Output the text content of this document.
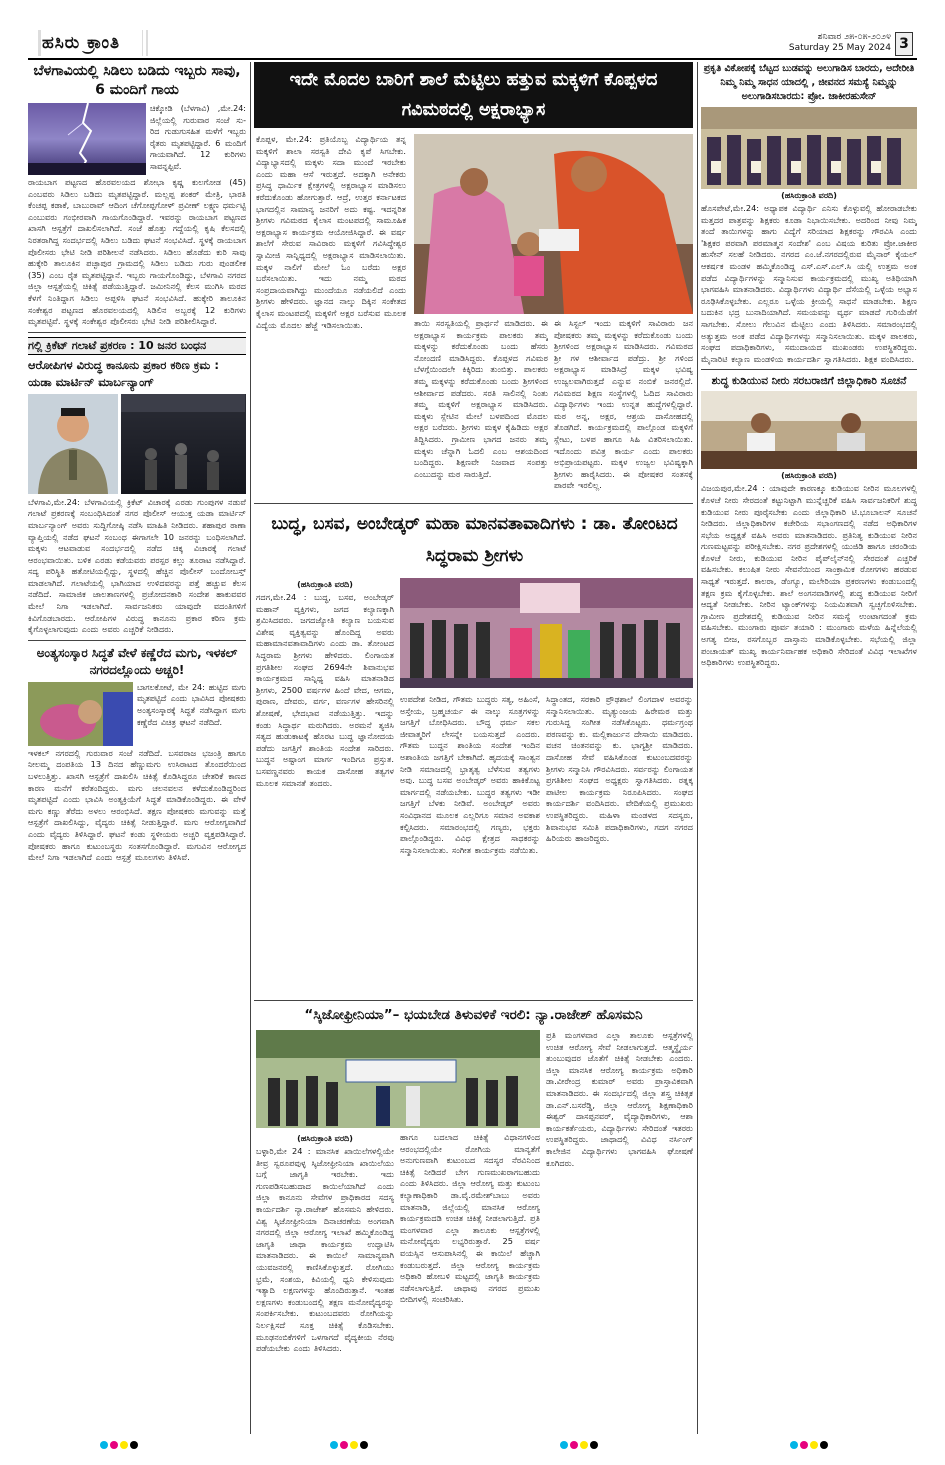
ಹಸಿರು ಕ್ರಾಂತಿ	ಶನಿವಾರ ೨೫-೦೫-೨೦೨೪
Saturday 25 May 2024 3
ಬೆಳಗಾವಿಯಲ್ಲಿ ಸಿಡಿಲು ಬಡಿದು ಇಬ್ಬರು ಸಾವು, 6 ಮಂದಿಗೆ ಗಾಯ
ಚಿಕ್ಕೋಡಿ (ಬೆಳಗಾವಿ) ,ಮೇ.24: ಜಿಲ್ಲೆಯಲ್ಲಿ ಗುರುವಾರ ಸಂಜೆ ಸು- ರಿದ ಗುಡುಗುಸಹಿತ ಮಳೆಗೆ ಇಬ್ಬರು ರೈತರು ಮೃತಪಟ್ಟಿದ್ದಾರೆ. 6 ಮಂದಿಗೆ ಗಾಯವಾಗಿದೆ. 12 ಕುರಿಗಳು ಸಾವನ್ನಪ್ಪಿವೆ.
ರಾಯಬಾಗ ಪಟ್ಟಣದ ಹೊರವಲಯದ ಶೋಭಾ ಕೃಷ್ಣ ಕುಲಗೋಡ (45) ಎಂಬವರು ಸಿಡಿಲು ಬಡಿದು ಮೃತಪಟ್ಟಿದ್ದಾರೆ. ಮಲ್ಲಪ್ಪ ಶಂಕರ್ ಮೇತ್ರಿ, ಭಾರತಿ ಕೆಂಚಪ್ಪ ಕಡಾಕೆ, ಬಾಬುರಾವ್ ಆದಿಂಗ ಚೆಗೋಪ್ಪಗೋಳ್ ಪ್ರವೀಣ್ ಲಕ್ಷ್ಮಣ ಧರ್ಮಟ್ಟಿ ಎಂಬುವರು ಗಂಭೀರವಾಗಿ ಗಾಯಗೊಂಡಿದ್ದಾರೆ. ಇವರನ್ನು ರಾಯಬಾಗ ಪಟ್ಟಣದ ಖಾಸಗಿ ಆಸ್ಪತ್ರೆಗೆ ದಾಖಲಿಸಲಾಗಿದೆ. ಸಂಜೆ ಹೊತ್ತು ಗದ್ದೆಯಲ್ಲಿ ಕೃಷಿ ಕೆಲಸದಲ್ಲಿ ನಿರತರಾಗಿದ್ದ ಸಂದರ್ಭದಲ್ಲಿ ಸಿಡಿಲು ಬಡಿದು ಘಟನೆ ಸಂಭವಿಸಿದೆ. ಸ್ಥಳಕ್ಕೆ ರಾಯಬಾಗ ಪೊಲೀಸರು ಭೇಟಿ ನೀಡಿ ಪರಿಶೀಲನೆ ನಡೆಸಿದರು. ಸಿಡಿಲು ಹೊಡೆದು ಕುರಿ ಸಾವು ಹುಕ್ಕೇರಿ ತಾಲೂಕಿನ ಪಚ್ಛಾಪುರ ಗ್ರಾಮದಲ್ಲಿ ಸಿಡಿಲು ಬಡಿದು ಗುರು ಪುಂಡಲೀಕ (35) ಎಂಬ ರೈತ ಮೃತಪಟ್ಟಿದ್ದಾನೆ. ಇಬ್ಬರು ಗಾಯಗೊಂಡಿದ್ದು, ಬೆಳಗಾವಿ ನಗರದ ಜಿಲ್ಲಾ ಆಸ್ಪತ್ರೆಯಲ್ಲಿ ಚಿಕಿತ್ಸೆ ಪಡೆಯುತ್ತಿದ್ದಾರೆ. ಜಮೀನಿನಲ್ಲಿ ಕೆಲಸ ಮುಗಿಸಿ ಮರದ ಕೆಳಗೆ ನಿಂತಿದ್ದಾಗ ಸಿಡಿಲು ಅಪ್ಪಳಿಸಿ ಘಟನೆ ಸಂಭವಿಸಿದೆ. ಹುಕ್ಕೇರಿ ತಾಲೂಕಿನ ಸಂಕೇಶ್ವರ ಪಟ್ಟಣದ ಹೊರವಲಯದಲ್ಲಿ ಸಿಡಿಲಿನ ಅಬ್ಬರಕ್ಕೆ 12 ಕುರಿಗಳು ಮೃತಪಟ್ಟಿವೆ. ಸ್ಥಳಕ್ಕೆ ಸಂಕೇಶ್ವರ ಪೊಲೀಸರು ಭೇಟಿ ನೀಡಿ ಪರಿಶೀಲಿಸಿದ್ದಾರೆ.
ಗಲ್ಲಿ ಕ್ರಿಕೆಟ್ ಗಲಾಟೆ ಪ್ರಕರಣ : 10 ಜನರ ಬಂಧನ
ಆರೋಪಿಗಳ ವಿರುದ್ಧ ಕಾನೂನು ಪ್ರಕಾರ ಕಠಿಣ ಕ್ರಮ : ಯಡಾ ಮಾರ್ಟಿನ್ ಮಾರ್ಬನ್ಯಾಂಗ್
ಬೆಳಗಾವಿ,ಮೇ.24: ಬೆಳಗಾವಿಯಲ್ಲಿ ಕ್ರಿಕೆಟ್ ವಿಚಾರಕ್ಕೆ ಎರಡು ಗುಂಪುಗಳ ನಡುವೆ ಗಲಾಟೆ ಪ್ರಕರಣಕ್ಕೆ ಸಂಬಂಧಿಸಿದಂತೆ ನಗರ ಪೊಲೀಸ್ ಆಯುಕ್ತ ಯಡಾ ಮಾರ್ಟಿನ್ ಮಾರ್ಬನ್ಯಾಂಗ್ ಅವರು ಸುದ್ದಿಗೋಷ್ಠಿ ನಡೆಸಿ ಮಾಹಿತಿ ನೀಡಿದರು. ಶಹಾಪುರ ಠಾಣಾ ವ್ಯಾಪ್ತಿಯಲ್ಲಿ ನಡೆದ ಘಟನೆ ಸಂಬಂಧ ಈಗಾಗಲೇ 10 ಜನರನ್ನು ಬಂಧಿಸಲಾಗಿದೆ. ಮಕ್ಕಳು ಆಟವಾಡುವ ಸಂದರ್ಭದಲ್ಲಿ ನಡೆದ ಚಿಕ್ಕ ವಿಚಾರಕ್ಕೆ ಗಲಾಟೆ ಆರಂಭವಾಯಿತು. ಬಳಿಕ ಎರಡು ಕಡೆಯವರು ಪರಸ್ಪರ ಕಲ್ಲು ತೂರಾಟ ನಡೆಸಿದ್ದಾರೆ. ಸದ್ಯ ಪರಿಸ್ಥಿತಿ ಹತೋಟಿಯಲ್ಲಿದ್ದು, ಸ್ಥಳದಲ್ಲಿ ಹೆಚ್ಚಿನ ಪೊಲೀಸ್ ಬಂದೋಬಸ್ತ್ ಮಾಡಲಾಗಿದೆ. ಗಲಾಟೆಯಲ್ಲಿ ಭಾಗಿಯಾದ ಉಳಿದವರನ್ನು ಪತ್ತೆ ಹಚ್ಚುವ ಕೆಲಸ ನಡೆದಿದೆ. ಸಾಮಾಜಿಕ ಜಾಲತಾಣಗಳಲ್ಲಿ ಪ್ರಚೋದನಕಾರಿ ಸಂದೇಶ ಹಾಕುವವರ ಮೇಲೆ ನಿಗಾ ಇಡಲಾಗಿದೆ. ಸಾರ್ವಜನಿಕರು ಯಾವುದೇ ವದಂತಿಗಳಿಗೆ ಕಿವಿಗೊಡಬಾರದು. ಆರೋಪಿಗಳ ವಿರುದ್ಧ ಕಾನೂನು ಪ್ರಕಾರ ಕಠಿಣ ಕ್ರಮ ಕೈಗೊಳ್ಳಲಾಗುವುದು ಎಂದು ಅವರು ಎಚ್ಚರಿಕೆ ನೀಡಿದರು.
ಅಂತ್ಯಸಂಸ್ಕಾರ ಸಿದ್ಧತೆ ವೇಳೆ ಕಣ್ಣೆರೆದ ಮಗು, ಇಳಕಲ್ ನಗರದಲ್ಲೊಂದು ಅಚ್ಚರಿ!
ಬಾಗಲಕೋಟೆ, ಮೇ 24: ಹುಟ್ಟಿದ ಮಗು ಮೃತಪಟ್ಟಿದೆ ಎಂದು ಭಾವಿಸಿದ ಪೋಷಕರು ಅಂತ್ಯಸಂಸ್ಕಾರಕ್ಕೆ ಸಿದ್ಧತೆ ನಡೆಸಿದ್ದಾಗ ಮಗು ಕಣ್ಣೆರೆದ ವಿಚಿತ್ರ ಘಟನೆ ನಡೆದಿದೆ.
ಇಳಕಲ್ ನಗರದಲ್ಲಿ ಗುರುವಾರ ಸಂಜೆ ನಡೆದಿದೆ. ಬಸವರಾಜ ಭಜಂತ್ರಿ ಹಾಗೂ ನೀಲಮ್ಮ ದಂಪತಿಯ 13 ದಿನದ ಹೆಣ್ಣುಮಗು ಉಸಿರಾಟದ ತೊಂದರೆಯಿಂದ ಬಳಲುತ್ತಿತ್ತು. ಖಾಸಗಿ ಆಸ್ಪತ್ರೆಗೆ ದಾಖಲಿಸಿ ಚಿಕಿತ್ಸೆ ಕೊಡಿಸಿದ್ದರೂ ಚೇತರಿಕೆ ಕಾಣದ ಕಾರಣ ಮನೆಗೆ ಕರೆತಂದಿದ್ದರು. ಮಗು ಚಲನವಲನ ಕಳೆದುಕೊಂಡಿದ್ದರಿಂದ ಮೃತಪಟ್ಟಿದೆ ಎಂದು ಭಾವಿಸಿ ಅಂತ್ಯಕ್ರಿಯೆಗೆ ಸಿದ್ಧತೆ ಮಾಡಿಕೊಂಡಿದ್ದರು. ಈ ವೇಳೆ ಮಗು ಕಣ್ಣು ತೆರೆದು ಅಳಲು ಆರಂಭಿಸಿದೆ. ತಕ್ಷಣ ಪೋಷಕರು ಮಗುವನ್ನು ಮತ್ತೆ ಆಸ್ಪತ್ರೆಗೆ ದಾಖಲಿಸಿದ್ದು, ವೈದ್ಯರು ಚಿಕಿತ್ಸೆ ನೀಡುತ್ತಿದ್ದಾರೆ. ಮಗು ಆರೋಗ್ಯವಾಗಿದೆ ಎಂದು ವೈದ್ಯರು ತಿಳಿಸಿದ್ದಾರೆ. ಘಟನೆ ಕಂಡು ಸ್ಥಳೀಯರು ಅಚ್ಚರಿ ವ್ಯಕ್ತಪಡಿಸಿದ್ದಾರೆ. ಪೋಷಕರು ಹಾಗೂ ಕುಟುಂಬಸ್ಥರು ಸಂತಸಗೊಂಡಿದ್ದಾರೆ. ಮಗುವಿನ ಆರೋಗ್ಯದ ಮೇಲೆ ನಿಗಾ ಇಡಲಾಗಿದೆ ಎಂದು ಆಸ್ಪತ್ರೆ ಮೂಲಗಳು ತಿಳಿಸಿವೆ.
ಇದೇ ಮೊದಲ ಬಾರಿಗೆ ಶಾಲೆ ಮೆಟ್ಟಿಲು ಹತ್ತುವ ಮಕ್ಕಳಿಗೆ ಕೊಪ್ಪಳದ ಗವಿಮಠದಲ್ಲಿ ಅಕ್ಷರಾಭ್ಯಾಸ
ಕೊಪ್ಪಳ, ಮೇ.24: ಪ್ರತಿಯೊಬ್ಬ ವಿದ್ಯಾರ್ಥಿಯ ತನ್ನ ಮಕ್ಕಳಿಗೆ ಶಾಲಾ ಸರಸ್ವತಿ ದೇವಿ ಕೃಪೆ ಸಿಗಬೇಕು. ವಿದ್ಯಾಭ್ಯಾಸದಲ್ಲಿ ಮಕ್ಕಳು ಸದಾ ಮುಂದೆ ಇರಬೇಕು ಎಂದು ಮಹಾ ಆಸೆ ಇರುತ್ತದೆ. ಅದಕ್ಕಾಗಿ ಅನೇಕರು ಪ್ರಸಿದ್ಧ ಧಾರ್ಮಿಕ ಕ್ಷೇತ್ರಗಳಲ್ಲಿ ಅಕ್ಷರಾಭ್ಯಾಸ ಮಾಡಿಸಲು ಕರೆದುಕೊಂಡು ಹೋಗುತ್ತಾರೆ. ಆದ್ರೆ, ಉತ್ತರ ಕರ್ನಾಟಕದ ಭಾಗದಲ್ಲಿನ ಸಾಮಾನ್ಯ ಜನರಿಗೆ ಅದು ಕಷ್ಟ. ಇದನ್ನರಿತ ಶ್ರೀಗಳು ಗವಿಮಠದ ಕೈಲಾಸ ಮಂಟಪದಲ್ಲಿ ಸಾಮೂಹಿಕ ಅಕ್ಷರಾಭ್ಯಾಸ ಕಾರ್ಯಕ್ರಮ ಆಯೋಜಿಸಿದ್ದಾರೆ. ಈ ವರ್ಷ ಶಾಲೆಗೆ ಸೇರುವ ಸಾವಿರಾರು ಮಕ್ಕಳಿಗೆ ಗವಿಸಿದ್ಧೇಶ್ವರ ಸ್ವಾಮೀಜಿ ಸಾನ್ನಿಧ್ಯದಲ್ಲಿ ಅಕ್ಷರಾಭ್ಯಾಸ ಮಾಡಿಸಲಾಯಿತು. ಮಕ್ಕಳ ನಾಲಿಗೆ ಮೇಲೆ ಓಂ ಬರೆದು ಅಕ್ಷರ ಬರೆಸಲಾಯಿತು. ಇದು ನಮ್ಮ ಮಠದ ಸಂಪ್ರದಾಯವಾಗಿದ್ದು ಮುಂದೆಯೂ ನಡೆಯಲಿದೆ ಎಂದು ಶ್ರೀಗಳು ಹೇಳಿದರು. ಜ್ಞಾನದ ನಾಲ್ಕು ದಿಕ್ಕಿನ ಸಂಕೇತದ ಕೈಲಾಸ ಮಂಟಪದಲ್ಲಿ ಮಕ್ಕಳಿಗೆ ಅಕ್ಷರ ಬರೆಸುವ ಮೂಲಕ ವಿದ್ಯೆಯ ಮೊದಲ ಹೆಜ್ಜೆ ಇಡಿಸಲಾಯಿತು.	ತಾಯಿ ಸರಸ್ವತಿಯಲ್ಲಿ ಪ್ರಾರ್ಥನೆ ಮಾಡಿದರು. ಈ ಅಕ್ಷರಾಭ್ಯಾಸ ಕಾರ್ಯಕ್ರಮ ಪಾಲಕರು ತಮ್ಮ ಮಕ್ಕಳನ್ನು ಕರೆದುಕೊಂಡು ಬಂದು ಹೆಸರು ನೋಂದಣಿ ಮಾಡಿಸಿದ್ದರು. ಕೊಪ್ಪಳದ ಗವಿಮಠ ಬೆಳಗ್ಗೆಯಿಂದಲೇ ಕಿಕ್ಕಿರಿದು ತುಂಬಿತ್ತು. ಪಾಲಕರು ತಮ್ಮ ಮಕ್ಕಳನ್ನು ಕರೆದುಕೊಂಡು ಬಂದು ಶ್ರೀಗಳಿಂದ ಆಶೀರ್ವಾದ ಪಡೆದರು. ಸರತಿ ಸಾಲಿನಲ್ಲಿ ನಿಂತು ತಮ್ಮ ಮಕ್ಕಳಿಗೆ ಅಕ್ಷರಾಭ್ಯಾಸ ಮಾಡಿಸಿದರು. ಮಕ್ಕಳು ಸ್ಲೇಟಿನ ಮೇಲೆ ಬಳಪದಿಂದ ಮೊದಲ ಅಕ್ಷರ ಬರೆದರು. ಶ್ರೀಗಳು ಮಕ್ಕಳ ಕೈಹಿಡಿದು ಅಕ್ಷರ ತಿದ್ದಿಸಿದರು. ಗ್ರಾಮೀಣ ಭಾಗದ ಜನರು ತಮ್ಮ ಮಕ್ಕಳು ಚೆನ್ನಾಗಿ ಓದಲಿ ಎಂಬ ಆಶಯದಿಂದ ಬಂದಿದ್ದರು. ಶಿಕ್ಷಣವೇ ನಿಜವಾದ ಸಂಪತ್ತು ಎಂಬುದನ್ನು ಮಠ ಸಾರುತ್ತಿದೆ.
ಈ ಸಿಸ್ಟಲ್ ಇಂದು ಮಕ್ಕಳಿಗೆ ಸಾವಿರಾರು ಜನ ಪೋಷಕರು ತಮ್ಮ ಮಕ್ಕಳನ್ನು ಕರೆದುಕೊಂಡು ಬಂದು ಶ್ರೀಗಳಿಂದ ಅಕ್ಷರಾಭ್ಯಾಸ ಮಾಡಿಸಿದರು. ಗವಿಮಠದ ಶ್ರೀ ಗಳ ಆಶೀರ್ವಾದ ಪಡೆದ್ರು. ಶ್ರೀ ಗಳಿಂದ ಅಕ್ಷರಾಭ್ಯಾಸ ಮಾಡಿಸಿದ್ರೆ ಮಕ್ಕಳ ಭವಿಷ್ಯ ಉಜ್ವಲವಾಗಿರುತ್ತದೆ ಎನ್ನುವ ನಂಬಿಕೆ ಜನರಲ್ಲಿದೆ. ಗವಿಮಠದ ಶಿಕ್ಷಣ ಸಂಸ್ಥೆಗಳಲ್ಲಿ ಓದಿದ ಸಾವಿರಾರು ವಿದ್ಯಾರ್ಥಿಗಳು ಇಂದು ಉನ್ನತ ಹುದ್ದೆಗಳಲ್ಲಿದ್ದಾರೆ. ಮಠ ಅನ್ನ, ಅಕ್ಷರ, ಆಶ್ರಯ ದಾಸೋಹದಲ್ಲಿ ತೊಡಗಿದೆ. ಕಾರ್ಯಕ್ರಮದಲ್ಲಿ ಪಾಲ್ಗೊಂಡ ಮಕ್ಕಳಿಗೆ ಸ್ಲೇಟು, ಬಳಪ ಹಾಗೂ ಸಿಹಿ ವಿತರಿಸಲಾಯಿತು. ಇದೊಂದು ಪವಿತ್ರ ಕಾರ್ಯ ಎಂದು ಪಾಲಕರು ಅಭಿಪ್ರಾಯಪಟ್ಟರು. ಮಕ್ಕಳ ಉಜ್ವಲ ಭವಿಷ್ಯಕ್ಕಾಗಿ ಶ್ರೀಗಳು ಹಾರೈಸಿದರು. ಈ ಪೋಷಕರ ಸಂತಸಕ್ಕೆ ಪಾರವೇ ಇರಲಿಲ್ಲ.
ಬುದ್ಧ, ಬಸವ, ಅಂಬೇಡ್ಕರ್ ಮಹಾ ಮಾನವತಾವಾದಿಗಳು : ಡಾ. ತೋಂಟದ ಸಿದ್ಧರಾಮ ಶ್ರೀಗಳು
(ಹಸಿರುಕ್ರಾಂತಿ ವರದಿ)
ಗದಗ,ಮೇ.24 : ಬುದ್ಧ, ಬಸವ, ಅಂಬೇಡ್ಕರ್ ಮಹಾನ್ ವ್ಯಕ್ತಿಗಳು, ಜಗದ ಕಲ್ಯಾಣಕ್ಕಾಗಿ ಶ್ರಮಿಸಿದವರು. ಜಗದಜ್ಯೋತಿ ಕಲ್ಯಾಣ ಬಯಸುವ ವಿಶೇಷ ವ್ಯಕ್ತಿತ್ವವನ್ನು ಹೊಂದಿದ್ದ ಅವರು ಮಹಾಮಾನವತಾವಾದಿಗಳು ಎಂದು ಡಾ. ತೋಂಟದ ಸಿದ್ಧರಾಮ ಶ್ರೀಗಳು ಹೇಳಿದರು. ಲಿಂಗಾಯತ ಪ್ರಗತಿಶೀಲ ಸಂಘದ 2694ನೇ ಶಿವಾನುಭವ ಕಾರ್ಯಕ್ರಮದ ಸಾನ್ನಿಧ್ಯ ವಹಿಸಿ ಮಾತನಾಡಿದ ಶ್ರೀಗಳು, 2500 ವರ್ಷಗಳ ಹಿಂದೆ ವೇದ, ಆಗಮ, ಪುರಾಣ, ದೇವರು, ವರ್ಗ, ವರ್ಣಗಳ ಹೇಸರಿನಲ್ಲಿ ಶೋಷಣೆ, ಭೇದಭಾವ ನಡೆಯುತ್ತಿತ್ತು. ಇದನ್ನು ಕಂಡು ಸಿದ್ಧಾರ್ಥ ಮರುಗಿದರು. ಅರಮನೆ ತ್ಯಜಿಸಿ ಸತ್ಯದ ಹುಡುಕಾಟಕ್ಕೆ ಹೊರಟ ಬುದ್ಧ ಜ್ಞಾನೋದಯ ಪಡೆದು ಜಗತ್ತಿಗೆ ಶಾಂತಿಯ ಸಂದೇಶ ಸಾರಿದರು. ಬುದ್ಧನ ಅಷ್ಟಾಂಗ ಮಾರ್ಗ ಇಂದಿಗೂ ಪ್ರಸ್ತುತ. ಬಸವಣ್ಣನವರು ಕಾಯಕ ದಾಸೋಹ ತತ್ವಗಳ ಮೂಲಕ ಸಮಾನತೆ ತಂದರು.
ಉಪದೇಶ ನೀಡಿದ, ಗೌತಮ ಬುದ್ಧರು ಸತ್ಯ, ಅಹಿಂಸೆ, ಅಸ್ತೇಯ, ಬ್ರಹ್ಮಚರ್ಯ ಈ ನಾಲ್ಕು ಸೂತ್ರಗಳನ್ನು ಜಗತ್ತಿಗೆ ಬೋಧಿಸಿದರು. ಬೌದ್ಧ ಧರ್ಮ ಸಕಲ ಜೀವಾತ್ಮರಿಗೆ ಲೇಸನ್ನೇ ಬಯಸುತ್ತದೆ ಎಂದರು. ಗೌತಮ ಬುದ್ಧನ ಶಾಂತಿಯ ಸಂದೇಶ ಇಂದಿನ ಅಶಾಂತಿಯ ಜಗತ್ತಿಗೆ ಬೇಕಾಗಿದೆ. ಹೃದಯಕ್ಕೆ ಸಾಂತ್ವನ ನೀಡಿ ಸಮಾಜದಲ್ಲಿ ಭ್ರಾತೃತ್ವ ಬೆಳೆಸುವ ತತ್ವಗಳು ಅವು. ಬುದ್ಧ ಬಸವ ಅಂಬೇಡ್ಕರ್ ಅವರು ಹಾಕಿಕೊಟ್ಟ ಮಾರ್ಗದಲ್ಲಿ ನಡೆಯಬೇಕು. ಬುದ್ಧರ ತತ್ವಗಳು ಇಡೀ ಜಗತ್ತಿಗೆ ಬೆಳಕು ನೀಡಿವೆ. ಅಂಬೇಡ್ಕರ್ ಅವರು ಸಂವಿಧಾನದ ಮೂಲಕ ಎಲ್ಲರಿಗೂ ಸಮಾನ ಅವಕಾಶ ಕಲ್ಪಿಸಿದರು. ಸಮಾರಂಭದಲ್ಲಿ ಗಣ್ಯರು, ಭಕ್ತರು ಪಾಲ್ಗೊಂಡಿದ್ದರು. ವಿವಿಧ ಕ್ಷೇತ್ರದ ಸಾಧಕರನ್ನು ಸನ್ಮಾನಿಸಲಾಯಿತು. ಸಂಗೀತ ಕಾರ್ಯಕ್ರಮ ನಡೆಯಿತು.
ಸಿದ್ಧಾಂತದ, ಸರಕಾರಿ ಪ್ರೌಢಶಾಲೆ ಲಿಂಗದಾಳ ಅವರನ್ನು ಸನ್ಮಾನಿಸಲಾಯಿತು. ಮೃತ್ಯುಂಜಯ ಹಿರೇಮಠ ಮತ್ತು ಗುರುಸಿದ್ದ ಸಂಗೀತ ನಡೆಸಿಕೊಟ್ಟರು. ಧರ್ಮಗ್ರಂಥ ಪಠಣವನ್ನು ಕು. ಮಲ್ಲಿಕಾರ್ಜುನ ದೇಸಾಯಿ ಮಾಡಿದರು. ವಚನ ಚಿಂತನವನ್ನು ಕು. ಭಾಗ್ಯಶ್ರೀ ಮಾಡಿದರು. ದಾಸೋಹ ಸೇವೆ ವಹಿಸಿಕೊಂಡ ಕುಟುಂಬದವರನ್ನು ಶ್ರೀಗಳು ಸನ್ಮಾನಿಸಿ ಗೌರವಿಸಿದರು. ಸರ್ವರನ್ನು ಲಿಂಗಾಯತ ಪ್ರಗತಿಶೀಲ ಸಂಘದ ಅಧ್ಯಕ್ಷರು ಸ್ವಾಗತಿಸಿದರು. ರತ್ನಕ್ಕ ಪಾಟೀಲ ಕಾರ್ಯಕ್ರಮ ನಿರೂಪಿಸಿದರು. ಸಂಘದ ಕಾರ್ಯದರ್ಶಿ ವಂದಿಸಿದರು. ವೇದಿಕೆಯಲ್ಲಿ ಪ್ರಮುಖರು ಉಪಸ್ಥಿತರಿದ್ದರು. ಮಹಿಳಾ ಮಂಡಳದ ಸದಸ್ಯರು, ಶಿವಾನುಭವ ಸಮಿತಿ ಪದಾಧಿಕಾರಿಗಳು, ಗದಗ ನಗರದ ಹಿರಿಯರು ಹಾಜರಿದ್ದರು.
“ಸ್ಕಿಜೋಫ್ರೀನಿಯಾ”– ಭಯಬೇಡ ತಿಳುವಳಿಕೆ ಇರಲಿ: ನ್ಯಾ.ರಾಜೇಶ್ ಹೊಸಮನಿ
ಪ್ರತಿ ಮಂಗಳವಾರ ಎಲ್ಲಾ ತಾಲೂಕು ಆಸ್ಪತ್ರೆಗಳಲ್ಲಿ ಉಚಿತ ಆರೋಗ್ಯ ಸೇವೆ ನೀಡಲಾಗುತ್ತದೆ. ಆತ್ಮಸ್ಥೈರ್ಯ ತುಂಬುವುದರ ಜೊತೆಗೆ ಚಿಕಿತ್ಸೆ ನೀಡಬೇಕು ಎಂದರು. ಜಿಲ್ಲಾ ಮಾನಸಿಕ ಆರೋಗ್ಯ ಕಾರ್ಯಕ್ರಮ ಅಧಿಕಾರಿ ಡಾ.ವೀರೇಂದ್ರ ಕುಮಾರ್ ಅವರು ಪ್ರಾಸ್ತಾವಿಕವಾಗಿ ಮಾತನಾಡಿದರು. ಈ ಸಂದರ್ಭದಲ್ಲಿ ಜಿಲ್ಲಾ ಶಸ್ತ್ರ ಚಿಕಿತ್ಸಕ ಡಾ.ಎನ್.ಬಸರೆಡ್ಡಿ, ಜಿಲ್ಲಾ ಆರೋಗ್ಯ ಶಿಕ್ಷಣಾಧಿಕಾರಿ ಈಶ್ವರ್ ದಾಸಪ್ಪನವರ್, ವೈದ್ಯಾಧಿಕಾರಿಗಳು, ಆಶಾ ಕಾರ್ಯಕರ್ತೆಯರು, ವಿದ್ಯಾರ್ಥಿಗಳು ಸೇರಿದಂತೆ ಇತರರು ಉಪಸ್ಥಿತರಿದ್ದರು. ಜಾಥಾದಲ್ಲಿ ವಿವಿಧ ನರ್ಸಿಂಗ್ ಕಾಲೇಜಿನ ವಿದ್ಯಾರ್ಥಿಗಳು ಭಾಗವಹಿಸಿ ಘೋಷಣೆ ಕೂಗಿದರು.
(ಹಸಿರುಕ್ರಾಂತಿ ವರದಿ)
ಬಳ್ಳಾರಿ,ಮೇ 24 : ಮಾನಸಿಕ ಖಾಯಿಲೆಗಳಲ್ಲಿಯೇ ತೀವ್ರ ಸ್ವರೂಪವುಳ್ಳ ಸ್ಕಿಜೋಫ್ರೀನಿಯಾ ಖಾಯಿಲೆಯು ಬಗ್ಗೆ ಜಾಗೃತಿ ಇರಬೇಕು. ಇದು ಗುಣಪಡಿಸಬಹುದಾದ ಕಾಯಿಲೆಯಾಗಿದೆ ಎಂದು ಜಿಲ್ಲಾ ಕಾನೂನು ಸೇವೆಗಳ ಪ್ರಾಧಿಕಾರದ ಸದಸ್ಯ ಕಾರ್ಯದರ್ಶಿ ನ್ಯಾ.ರಾಜೇಶ್ ಹೊಸಮನಿ ಹೇಳಿದರು. ವಿಶ್ವ ಸ್ಕಿಜೋಫ್ರೀನಿಯಾ ದಿನಾಚರಣೆಯ ಅಂಗವಾಗಿ ನಗರದಲ್ಲಿ ಜಿಲ್ಲಾ ಆರೋಗ್ಯ ಇಲಾಖೆ ಹಮ್ಮಿಕೊಂಡಿದ್ದ ಜಾಗೃತಿ ಜಾಥಾ ಕಾರ್ಯಕ್ರಮ ಉದ್ಘಾಟಿಸಿ ಮಾತನಾಡಿದರು. ಈ ಕಾಯಿಲೆ ಸಾಮಾನ್ಯವಾಗಿ ಯುವಜನರಲ್ಲಿ ಕಾಣಿಸಿಕೊಳ್ಳುತ್ತದೆ. ರೋಗಿಯು ಭ್ರಮೆ, ಸಂಶಯ, ಕಿವಿಯಲ್ಲಿ ಧ್ವನಿ ಕೇಳಿಸುವುದು ಇತ್ಯಾದಿ ಲಕ್ಷಣಗಳನ್ನು ಹೊಂದಿರುತ್ತಾನೆ. ಇಂತಹ ಲಕ್ಷಣಗಳು ಕಂಡುಬಂದಲ್ಲಿ ತಕ್ಷಣ ಮನೋವೈದ್ಯರನ್ನು ಸಂಪರ್ಕಿಸಬೇಕು. ಕುಟುಂಬದವರು ರೋಗಿಯನ್ನು ನಿರ್ಲಕ್ಷಿಸದೆ ಸೂಕ್ತ ಚಿಕಿತ್ಸೆ ಕೊಡಿಸಬೇಕು. ಮೂಢನಂಬಿಕೆಗಳಿಗೆ ಒಳಗಾಗದೆ ವೈದ್ಯಕೀಯ ನೆರವು ಪಡೆಯಬೇಕು ಎಂದು ತಿಳಿಸಿದರು.
ಹಾಗೂ ಬದಲಾದ ಚಿಕಿತ್ಸೆ ವಿಧಾನಗಳಿಂದ ಆರಂಭದಲ್ಲಿಯೇ ರೋಗಿಯ ಮಾನ್ಯತೆಗೆ ಅನುಗುಣವಾಗಿ ಕುಟುಂಬದ ಸದಸ್ಯರ ನೆರವಿನಿಂದ ಚಿಕಿತ್ಸೆ ನೀಡಿದರೆ ಬೇಗ ಗುಣಮುಖರಾಗಬಹುದು ಎಂದು ತಿಳಿಸಿದರು. ಜಿಲ್ಲಾ ಆರೋಗ್ಯ ಮತ್ತು ಕುಟುಂಬ ಕಲ್ಯಾಣಾಧಿಕಾರಿ ಡಾ.ವೈ.ರಮೇಶ್‍ಬಾಬು ಅವರು ಮಾತನಾಡಿ, ಜಿಲ್ಲೆಯಲ್ಲಿ ಮಾನಸಿಕ ಆರೋಗ್ಯ ಕಾರ್ಯಕ್ರಮದಡಿ ಉಚಿತ ಚಿಕಿತ್ಸೆ ನೀಡಲಾಗುತ್ತಿದೆ. ಪ್ರತಿ ಮಂಗಳವಾರ ಎಲ್ಲಾ ತಾಲೂಕು ಆಸ್ಪತ್ರೆಗಳಲ್ಲಿ ಮನೋವೈದ್ಯರು ಲಭ್ಯರಿರುತ್ತಾರೆ. 25 ವರ್ಷ ವಯಸ್ಸಿನ ಆಸುಪಾಸಿನಲ್ಲಿ ಈ ಕಾಯಿಲೆ ಹೆಚ್ಚಾಗಿ ಕಂಡುಬರುತ್ತದೆ. ಜಿಲ್ಲಾ ಆರೋಗ್ಯ ಕಾರ್ಯಕ್ರಮ ಅಧಿಕಾರಿ ಹೋಬಳಿ ಮಟ್ಟದಲ್ಲಿ ಜಾಗೃತಿ ಕಾರ್ಯಕ್ರಮ ನಡೆಸಲಾಗುತ್ತಿದೆ. ಜಾಥಾವು ನಗರದ ಪ್ರಮುಖ ಬೀದಿಗಳಲ್ಲಿ ಸಂಚರಿಸಿತು.
ಪ್ರಕೃತಿ ವಿಕೋಪಕ್ಕೆ ಬೆಟ್ಟದ ಬುಡವನ್ನು ಅಲುಗಾಡಿಸ ಬಾರದು, ಅದೇರೀತಿ ನಿಮ್ಮ ನಿಮ್ಮ ಸಾಧನ ಯಾದಲ್ಲಿ , ಜೀವನದ ಸಮಸ್ಯೆ ನಿಮ್ಮನ್ನು ಅಲುಗಾಡಿಸಬಾರದು: ಪ್ರೋ. ಜಾಕೀರಹುಸೇನ್
(ಹಸಿರುಕ್ರಾಂತಿ ವರದಿ)
ಹೊಸಪೇಟೆ,ಮೇ.24: ಅಧ್ಯಾಪಕ ವಿದ್ಯಾರ್ಥಿ ಎನಿಸು ಕೊಳ್ಳುವಲ್ಲಿ ಹೋರಾಡಬೇಕು ಮತ್ತದರ ಪಾತ್ರವನ್ನು ಶಿಕ್ಷಕರು ಕೂಡಾ ನಿಭಾಯಿಸಬೇಕು. ಅದರಿಂದ ನೀವು ನಿಮ್ಮ ತಂದೆ ತಾಯಿಗಳನ್ನು ಹಾಗು ವಿದ್ಯೆಗೆ ಸರಿಯಾದ ಶಿಕ್ಷಕರನ್ನು ಗೌರವಿಸಿ ಎಂದು 'ಶಿಕ್ಷಕರ ಪರವಾಗಿ ಪರಮಾತ್ಮನ ಸಂದೇಶ' ಎಂಬ ವಿಷಯ ಕುರಿತು ಪ್ರೋ.ಜಾಕೀರ ಹುಸೇನ್ ಸಲಹೆ ನೀಡಿದರು. ನಗರದ ಎಂ.ಜೆ.ನಗರದಲ್ಲಿರುವ ಮೈನಾರ್ ಕೈಯಲ್ ಆಕರ್ಷಕ ಮಂಡಳ ಹಮ್ಮಿಕೊಂಡಿದ್ದ ಎಸ್.ಎಸ್.ಎಲ್.ಸಿ ಯಲ್ಲಿ ಉತ್ತಮ ಅಂಕ ಪಡೆದ ವಿದ್ಯಾರ್ಥಿಗಳನ್ನು ಸನ್ಮಾನಿಸುವ ಕಾರ್ಯಕ್ರಮದಲ್ಲಿ ಮುಖ್ಯ ಅತಿಥಿಯಾಗಿ ಭಾಗವಹಿಸಿ ಮಾತನಾಡಿದರು. ವಿದ್ಯಾರ್ಥಿಗಳು ವಿದ್ಯಾರ್ಥಿ ದೆಸೆಯಲ್ಲಿ ಒಳ್ಳೆಯ ಅಭ್ಯಾಸ ರೂಢಿಸಿಕೊಳ್ಳಬೇಕು. ಎಲ್ಲರೂ ಒಳ್ಳೆಯ ಕ್ರೀಯಲ್ಲಿ ಸಾಧನೆ ಮಾಡಬೇಕು. ಶಿಕ್ಷಣ ಬದುಕಿನ ಭದ್ರ ಬುನಾದಿಯಾಗಿದೆ. ಸಮಯವನ್ನು ವ್ಯರ್ಥ ಮಾಡದೆ ಗುರಿಯೆಡೆಗೆ ಸಾಗಬೇಕು. ಸೋಲು ಗೆಲುವಿನ ಮೆಟ್ಟಿಲು ಎಂದು ತಿಳಿಸಿದರು. ಸಮಾರಂಭದಲ್ಲಿ ಅತ್ಯುತ್ತಮ ಅಂಕ ಪಡೆದ ವಿದ್ಯಾರ್ಥಿಗಳನ್ನು ಸನ್ಮಾನಿಸಲಾಯಿತು. ಮಕ್ಕಳ ಪಾಲಕರು, ಸಂಘದ ಪದಾಧಿಕಾರಿಗಳು, ಸಮುದಾಯದ ಮುಖಂಡರು ಉಪಸ್ಥಿತರಿದ್ದರು. ಮೈನಾರಿಟಿ ಕಲ್ಯಾಣ ಮಂಡಳಿಯ ಕಾರ್ಯದರ್ಶಿ ಸ್ವಾಗತಿಸಿದರು. ಶಿಕ್ಷಕ ವಂದಿಸಿದರು.
ಶುದ್ಧ ಕುಡಿಯುವ ನೀರು ಸರಬರಾಜಿಗೆ ಜಿಲ್ಲಾಧಿಕಾರಿ ಸೂಚನೆ
(ಹಸಿರುಕ್ರಾಂತಿ ವರದಿ)
ವಿಜಯಪುರ,ಮೇ.24 : ಯಾವುದೇ ಕಾರಣಕ್ಕೂ ಕುಡಿಯುವ ನೀರಿನ ಮೂಲಗಳಲ್ಲಿ ಕೊಳಚೆ ನೀರು ಸೇರದಂತೆ ಕಟ್ಟುನಿಟ್ಟಾಗಿ ಮುನ್ನೆಚ್ಚರಿಕೆ ವಹಿಸಿ ಸಾರ್ವಜನಿಕರಿಗೆ ಶುದ್ಧ ಕುಡಿಯುವ ನೀರು ಪೂರೈಸಬೇಕು ಎಂದು ಜಿಲ್ಲಾಧಿಕಾರಿ ಟಿ.ಭೂಬಾಲನ್ ಸೂಚನೆ ನೀಡಿದರು. ಜಿಲ್ಲಾಧಿಕಾರಿಗಳ ಕಚೇರಿಯ ಸಭಾಂಗಣದಲ್ಲಿ ನಡೆದ ಅಧಿಕಾರಿಗಳ ಸಭೆಯ ಅಧ್ಯಕ್ಷತೆ ವಹಿಸಿ ಅವರು ಮಾತನಾಡಿದರು. ಪ್ರತಿನಿತ್ಯ ಕುಡಿಯುವ ನೀರಿನ ಗುಣಮಟ್ಟವನ್ನು ಪರೀಕ್ಷಿಸಬೇಕು. ನಗರ ಪ್ರದೇಶಗಳಲ್ಲಿ ಯುಜಿಡಿ ಹಾಗೂ ಚರಂಡಿಯ ಕೊಳಚೆ ನೀರು, ಕುಡಿಯುವ ನೀರಿನ ಪೈಪ್‍ಲೈನ್‍ನಲ್ಲಿ ಸೇರದಂತೆ ಎಚ್ಚರಿಕೆ ವಹಿಸಬೇಕು. ಕಲುಷಿತ ನೀರು ಸೇವನೆಯಿಂದ ಸಾಂಕ್ರಾಮಿಕ ರೋಗಗಳು ಹರಡುವ ಸಾಧ್ಯತೆ ಇರುತ್ತದೆ. ಕಾಲರಾ, ಡೆಂಗ್ಯೂ, ಮಲೇರಿಯಾ ಪ್ರಕರಣಗಳು ಕಂಡುಬಂದಲ್ಲಿ ತಕ್ಷಣ ಕ್ರಮ ಕೈಗೊಳ್ಳಬೇಕು. ಶಾಲೆ ಅಂಗನವಾಡಿಗಳಲ್ಲಿ ಶುದ್ಧ ಕುಡಿಯುವ ನೀರಿಗೆ ಆದ್ಯತೆ ನೀಡಬೇಕು. ನೀರಿನ ಟ್ಯಾಂಕ್‍ಗಳನ್ನು ನಿಯಮಿತವಾಗಿ ಸ್ವಚ್ಛಗೊಳಿಸಬೇಕು. ಗ್ರಾಮೀಣ ಪ್ರದೇಶದಲ್ಲಿ ಕುಡಿಯುವ ನೀರಿನ ಸಮಸ್ಯೆ ಉಂಟಾಗದಂತೆ ಕ್ರಮ ವಹಿಸಬೇಕು. ಮುಂಗಾರು ಪೂರ್ವ ತಯಾರಿ : ಮುಂಗಾರು ಮಳೆಯ ಹಿನ್ನೆಲೆಯಲ್ಲಿ ಅಗತ್ಯ ಬೀಜ, ರಸಗೊಬ್ಬರ ದಾಸ್ತಾನು ಮಾಡಿಕೊಳ್ಳಬೇಕು. ಸಭೆಯಲ್ಲಿ ಜಿಲ್ಲಾ ಪಂಚಾಯತ್ ಮುಖ್ಯ ಕಾರ್ಯನಿರ್ವಾಹಕ ಅಧಿಕಾರಿ ಸೇರಿದಂತೆ ವಿವಿಧ ಇಲಾಖೆಗಳ ಅಧಿಕಾರಿಗಳು ಉಪಸ್ಥಿತರಿದ್ದರು.
